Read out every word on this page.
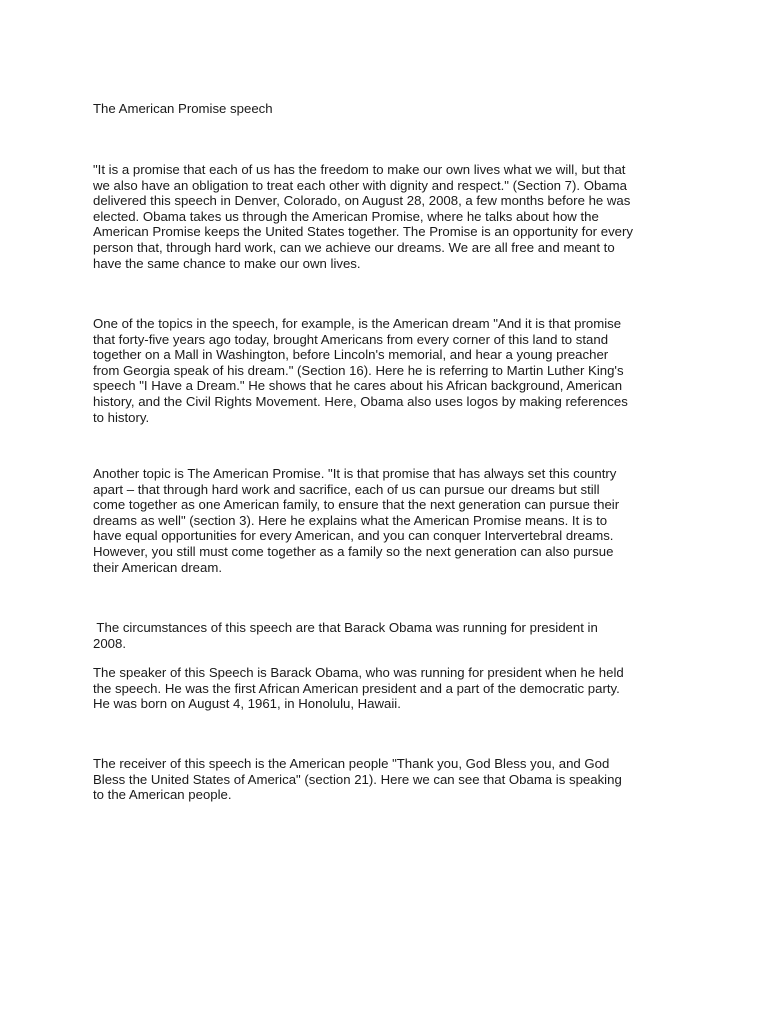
The American Promise speech

"It is a promise that each of us has the freedom to make our own lives what we will, but that
we also have an obligation to treat each other with dignity and respect." (Section 7). Obama
delivered this speech in Denver, Colorado, on August 28, 2008, a few months before he was
elected. Obama takes us through the American Promise, where he talks about how the
American Promise keeps the United States together. The Promise is an opportunity for every
person that, through hard work, can we achieve our dreams. We are all free and meant to
have the same chance to make our own lives.

One of the topics in the speech, for example, is the American dream "And it is that promise
that forty-five years ago today, brought Americans from every corner of this land to stand
together on a Mall in Washington, before Lincoln's memorial, and hear a young preacher
from Georgia speak of his dream." (Section 16). Here he is referring to Martin Luther King's
speech "I Have a Dream." He shows that he cares about his African background, American
history, and the Civil Rights Movement. Here, Obama also uses logos by making references
to history.

Another topic is The American Promise. "It is that promise that has always set this country
apart – that through hard work and sacrifice, each of us can pursue our dreams but still
come together as one American family, to ensure that the next generation can pursue their
dreams as well" (section 3). Here he explains what the American Promise means. It is to
have equal opportunities for every American, and you can conquer Intervertebral dreams.
However, you still must come together as a family so the next generation can also pursue
their American dream.

The circumstances of this speech are that Barack Obama was running for president in
2008.

The speaker of this Speech is Barack Obama, who was running for president when he held
the speech. He was the first African American president and a part of the democratic party.
He was born on August 4, 1961, in Honolulu, Hawaii.

The receiver of this speech is the American people "Thank you, God Bless you, and God
Bless the United States of America" (section 21). Here we can see that Obama is speaking
to the American people.
